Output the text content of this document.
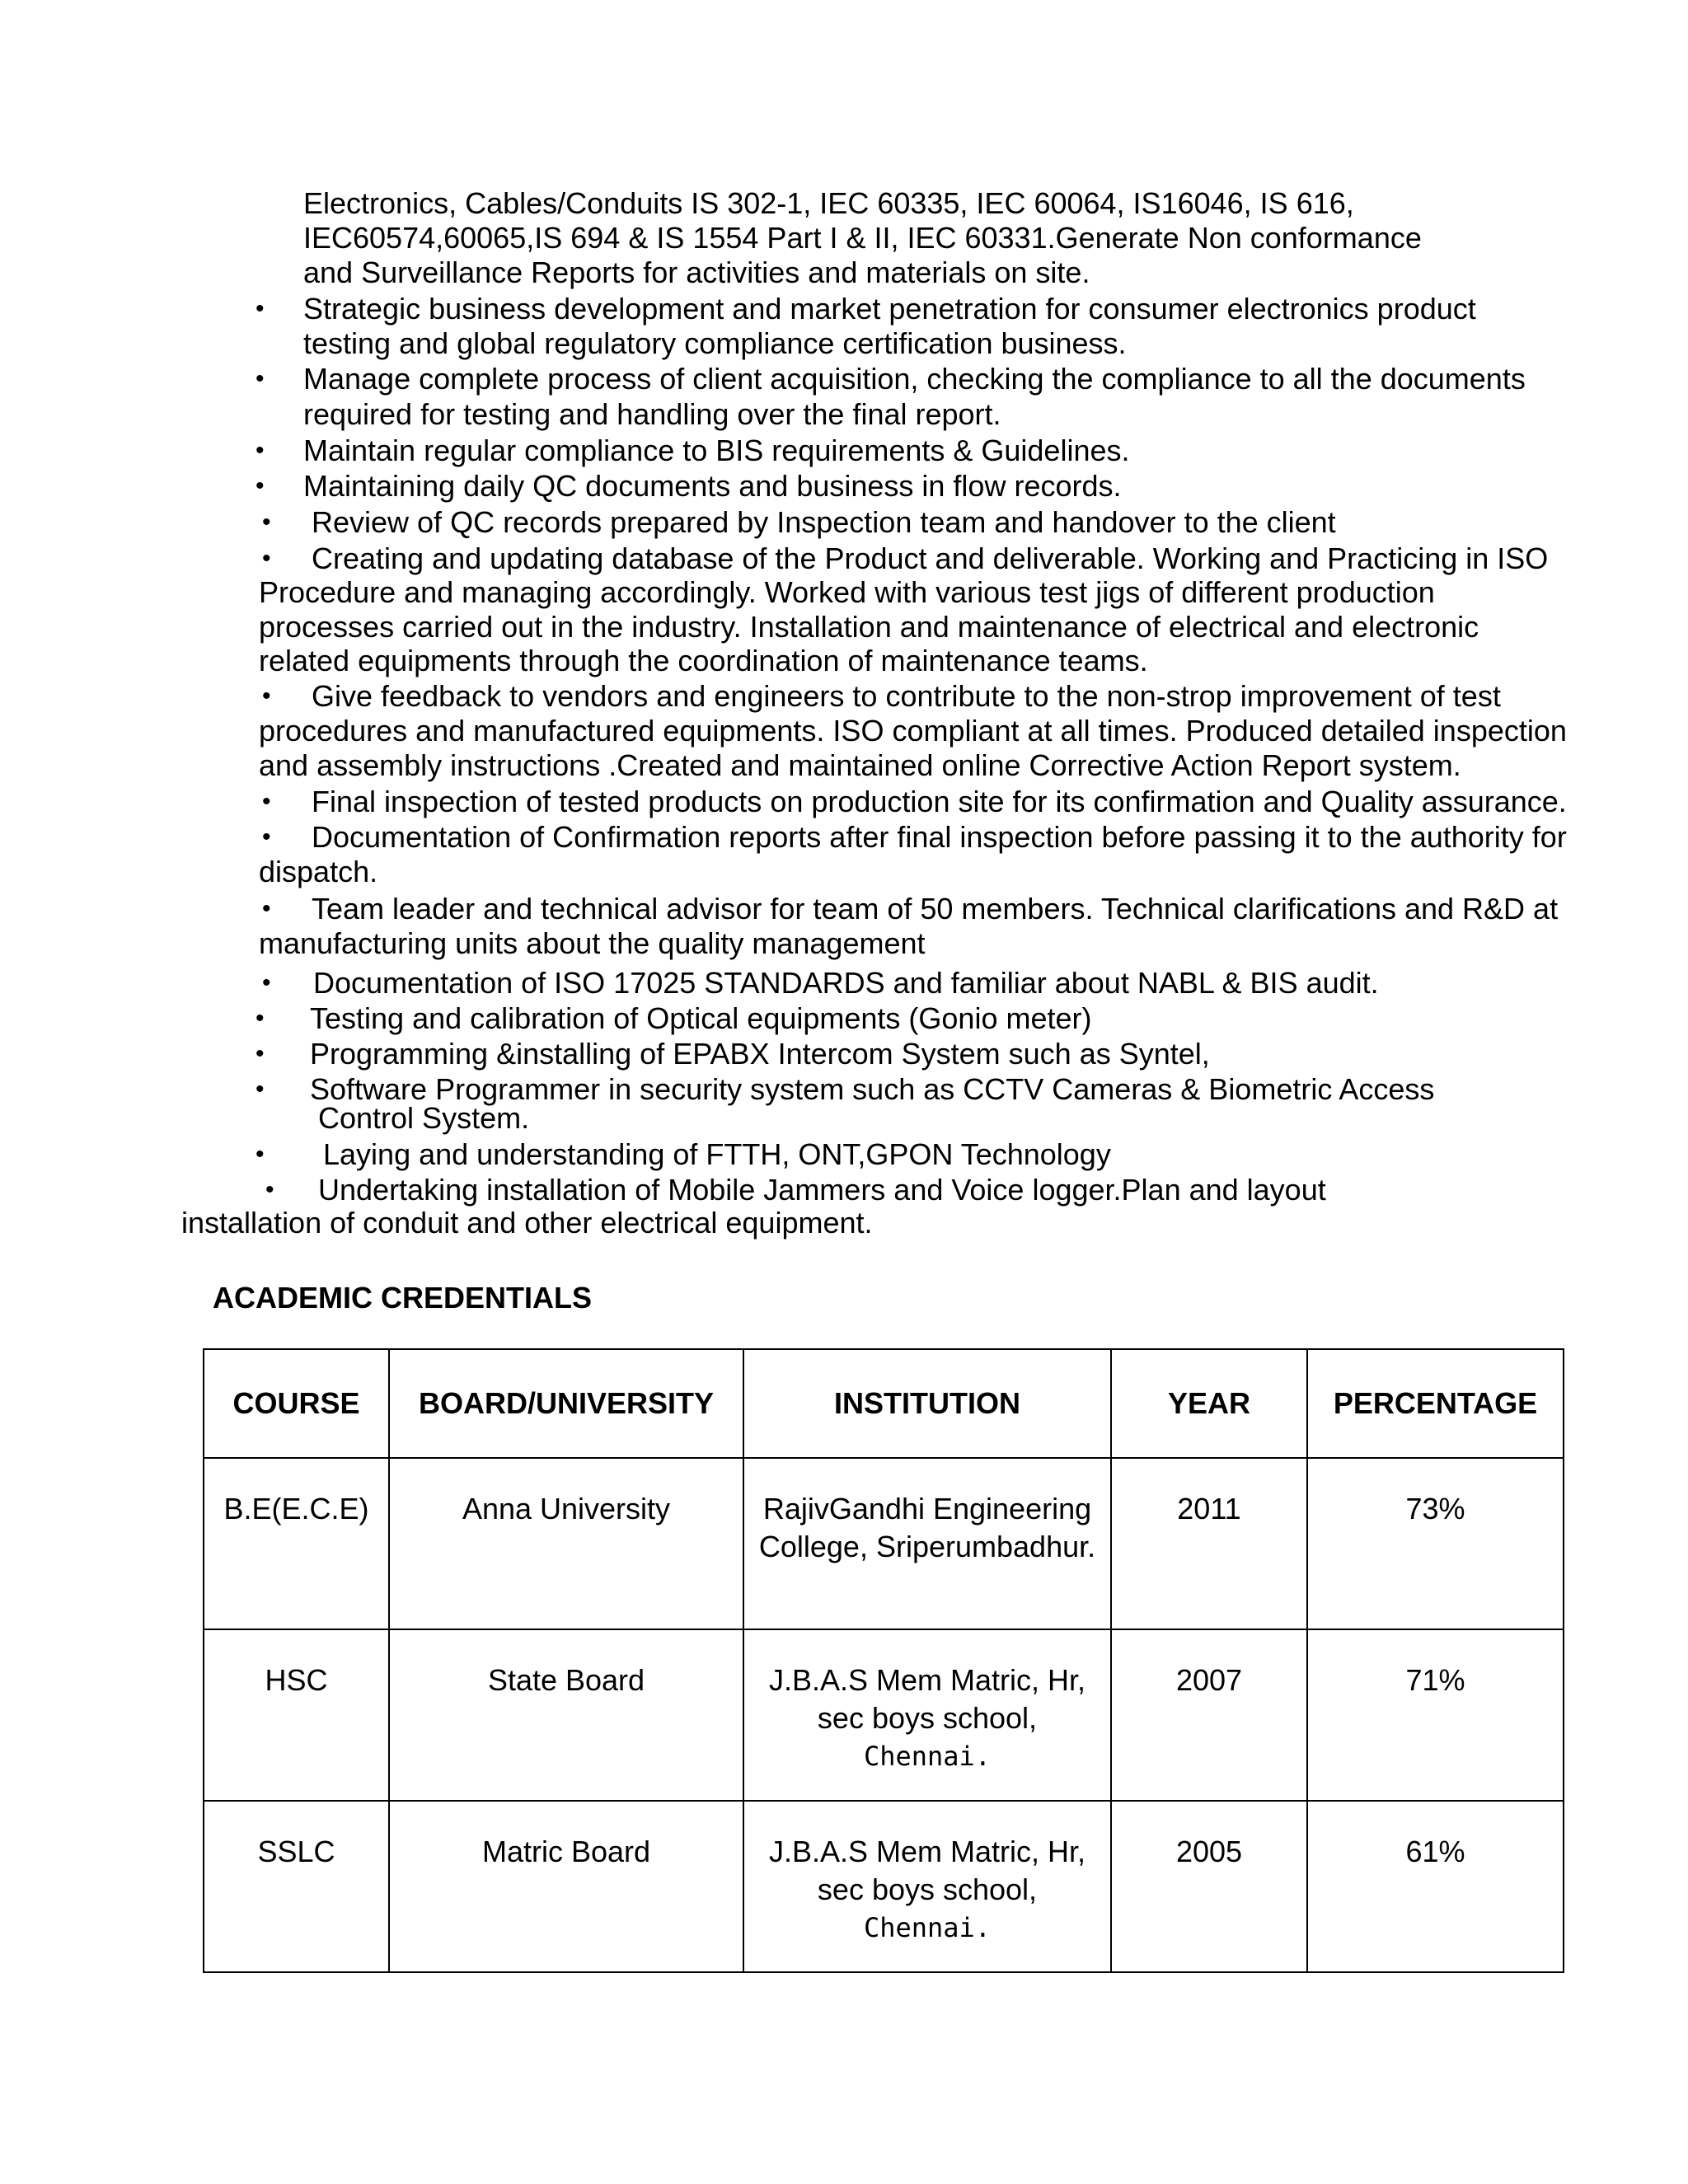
Electronics, Cables/Conduits IS 302-1, IEC 60335, IEC 60064, IS16046, IS 616,
IEC60574,60065,IS 694 & IS 1554 Part I & II, IEC 60331.Generate Non conformance
and Surveillance Reports for activities and materials on site.
• Strategic business development and market penetration for consumer electronics product
testing and global regulatory compliance certification business.
• Manage complete process of client acquisition, checking the compliance to all the documents
required for testing and handling over the final report.
• Maintain regular compliance to BIS requirements & Guidelines.
• Maintaining daily QC documents and business in flow records.
• Review of QC records prepared by Inspection team and handover to the client
• Creating and updating database of the Product and deliverable. Working and Practicing in ISO
Procedure and managing accordingly. Worked with various test jigs of different production
processes carried out in the industry. Installation and maintenance of electrical and electronic
related equipments through the coordination of maintenance teams.
• Give feedback to vendors and engineers to contribute to the non-strop improvement of test
procedures and manufactured equipments. ISO compliant at all times. Produced detailed inspection
and assembly instructions .Created and maintained online Corrective Action Report system.
• Final inspection of tested products on production site for its confirmation and Quality assurance.
• Documentation of Confirmation reports after final inspection before passing it to the authority for
dispatch.
• Team leader and technical advisor for team of 50 members. Technical clarifications and R&D at
manufacturing units about the quality management
• Documentation of ISO 17025 STANDARDS and familiar about NABL & BIS audit.
• Testing and calibration of Optical equipments (Gonio meter)
• Programming &installing of EPABX Intercom System such as Syntel,
• Software Programmer in security system such as CCTV Cameras & Biometric Access
Control System.
• Laying and understanding of FTTH, ONT,GPON Technology
• Undertaking installation of Mobile Jammers and Voice logger.Plan and layout
installation of conduit and other electrical equipment.
ACADEMIC CREDENTIALS
COURSE	BOARD/UNIVERSITY	INSTITUTION	YEAR	PERCENTAGE
B.E(E.C.E)	Anna University	RajivGandhi Engineering
College, Sriperumbadhur.	2011	73%
HSC	State Board	J.B.A.S Mem Matric, Hr,
sec boys school,
Chennai.	2007	71%
SSLC	Matric Board	J.B.A.S Mem Matric, Hr,
sec boys school,
Chennai.	2005	61%
